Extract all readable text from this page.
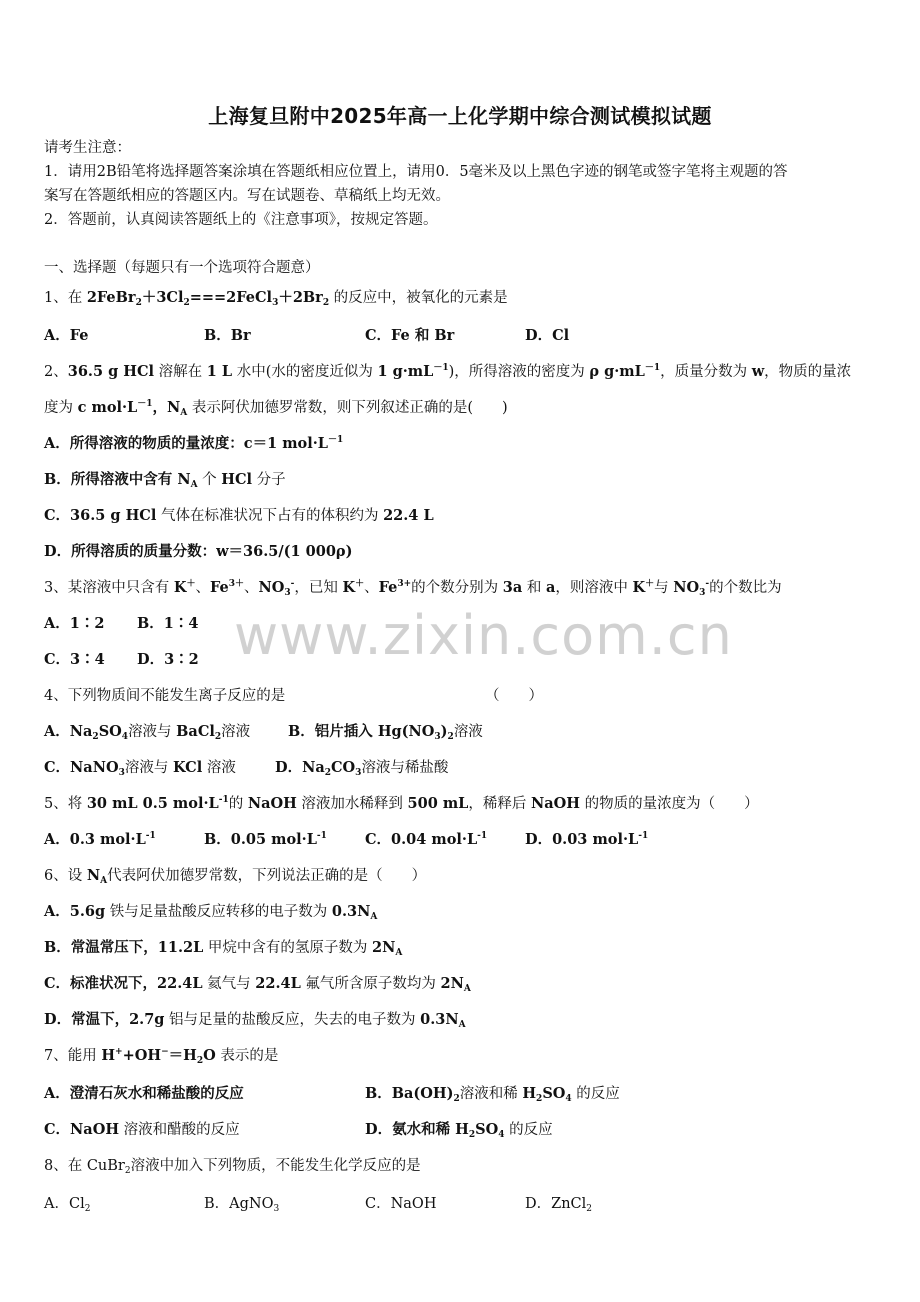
上海复旦附中2025年高一上化学期中综合测试模拟试题
请考生注意：
1．请用2B铅笔将选择题答案涂填在答题纸相应位置上，请用0．5毫米及以上黑色字迹的钢笔或签字笔将主观题的答
案写在答题纸相应的答题区内。写在试题卷、草稿纸上均无效。
2．答题前，认真阅读答题纸上的《注意事项》，按规定答题。
一、选择题（每题只有一个选项符合题意）
1、在 $2FeBr_2+3Cl_2===2FeCl_3+2Br_2$ 的反应中，被氧化的元素是
A．Fe	B．Br	C．Fe 和 Br	D．Cl
2、36.5 g HCl 溶解在 1 L 水中(水的密度近似为 1 $g\cdot mL^{-1}$)，所得溶液的密度为 ρ $g\cdot mL^{-1}$，质量分数为 w，物质的量浓
度为 c $mol\cdot L^{-1}$，$N_A$ 表示阿伏加德罗常数，则下列叙述正确的是(　　)
A．所得溶液的物质的量浓度：c＝1 $mol\cdot L^{-1}$
B．所得溶液中含有 $N_A$ 个 HCl 分子
C．36.5 g HCl 气体在标准状况下占有的体积约为 22.4 L
D．所得溶质的质量分数：w＝36.5/(1 000ρ)
3、某溶液中只含有 K＋、$Fe^{3+}$、$NO_3^-$，已知 K＋、$Fe^{3+}$的个数分别为 3a 和 a，则溶液中 K＋与 $NO_3^-$的个数比为
A．1∶2 B．1∶4
C．3∶4 D．3∶2 www.zixin.com.cn
4、下列物质间不能发生离子反应的是	（　　）
A．$Na_2SO_4$溶液与 BaCl$_2$溶液	B．铝片插入 $Hg(NO_3)_2$溶液
C．NaNO$_3$溶液与 KCl 溶液	D．$Na_2CO_3$溶液与稀盐酸
5、将 30 mL 0.5 $mol\cdot L^{-1}$的 NaOH 溶液加水稀释到 500 mL，稀释后 NaOH 的物质的量浓度为（　　）
A．0.3 $mol\cdot L^{-1}$	B．0.05 $mol\cdot L^{-1}$	C．0.04 $mol\cdot L^{-1}$	D．0.03 $mol\cdot L^{-1}$
6、设 $N_A$代表阿伏加德罗常数，下列说法正确的是（　　）
A．5.6g 铁与足量盐酸反应转移的电子数为 $0.3N_A$
B．常温常压下，11.2L 甲烷中含有的氢原子数为 $2N_A$
C．标准状况下，22.4L 氦气与 22.4L 氟气所含原子数均为 $2N_A$
D．常温下，2.7g 铝与足量的盐酸反应，失去的电子数为 $0.3N_A$
7、能用 $H^++OH^-=H_2O$ 表示的是
A．澄清石灰水和稀盐酸的反应	B．$Ba(OH)_2$溶液和稀 $H_2SO_4$ 的反应
C．NaOH 溶液和醋酸的反应	D．氨水和稀 $H_2SO_4$ 的反应
8、在 CuBr$_2$溶液中加入下列物质，不能发生化学反应的是
A．$Cl_2$	B．AgNO$_3$	C．NaOH	D．ZnCl$_2$
